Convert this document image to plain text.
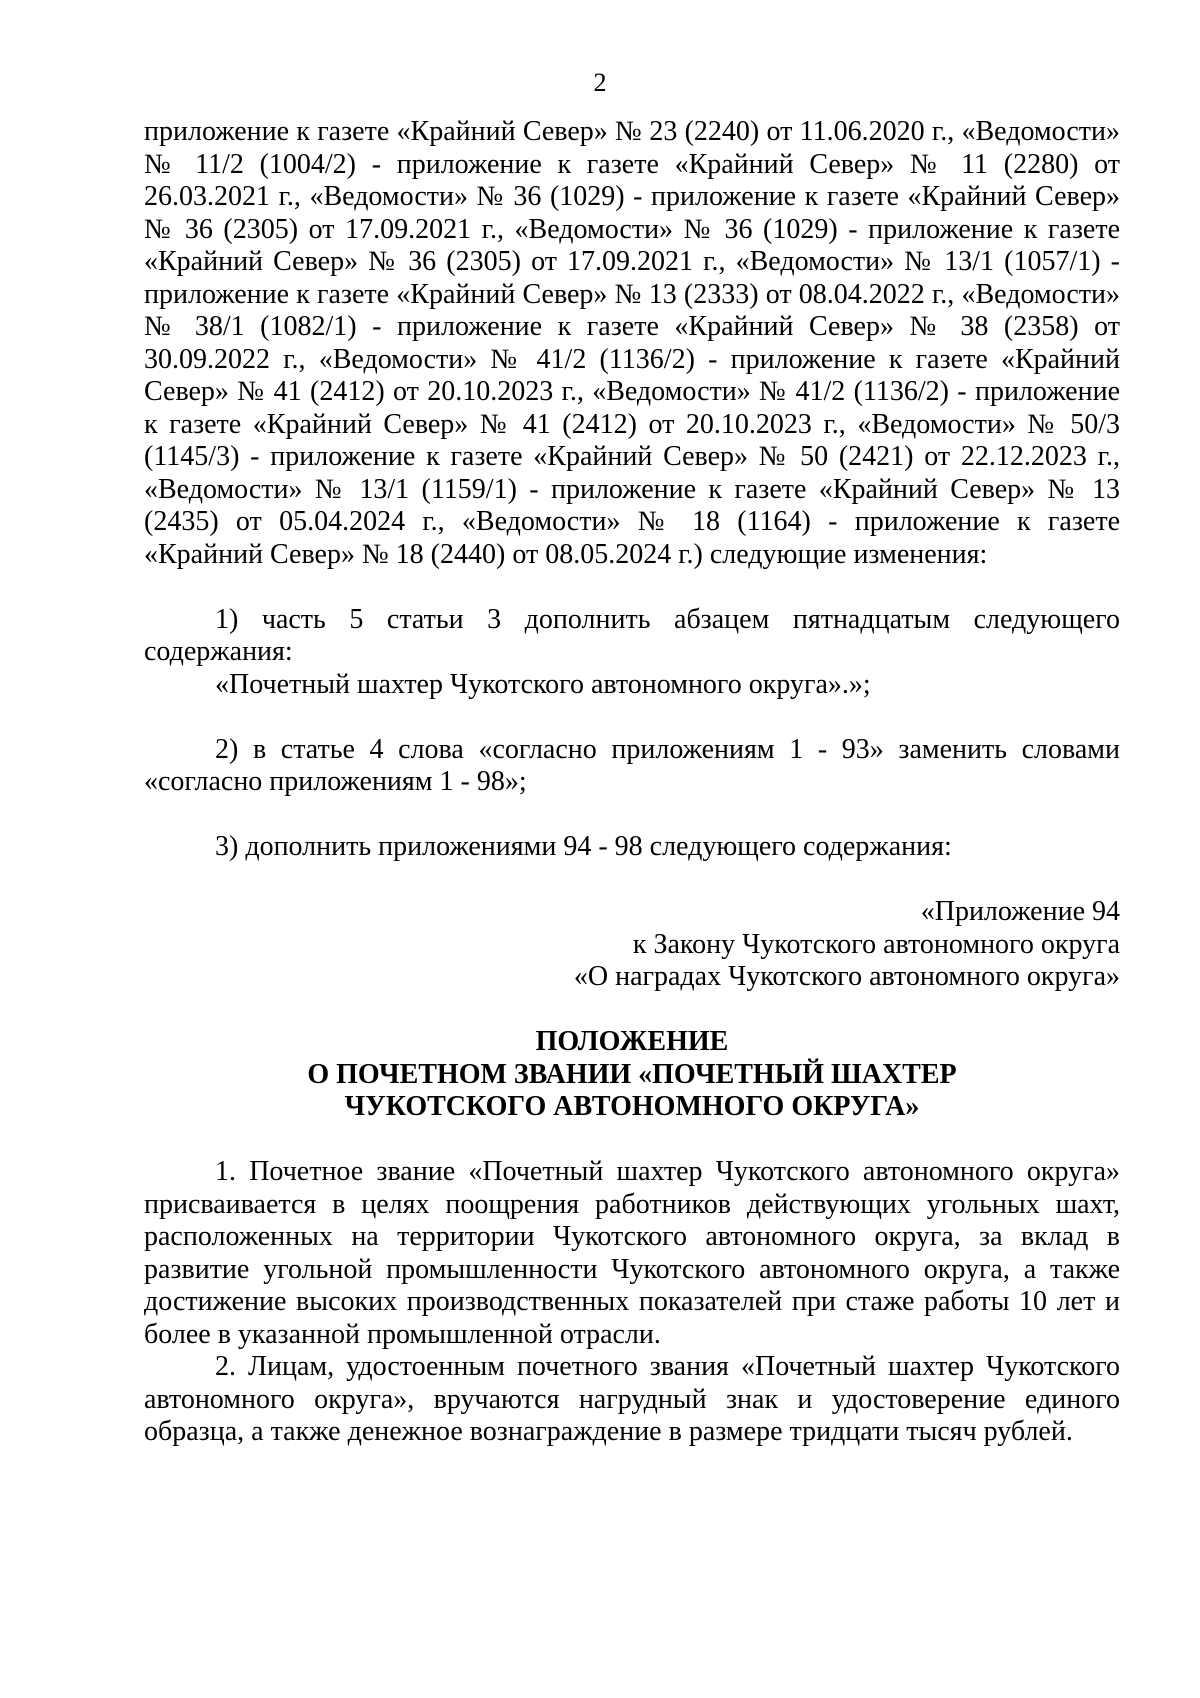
2

приложение к газете «Крайний Север» № 23 (2240) от 11.06.2020 г., «Ведомости» № 11/2 (1004/2) - приложение к газете «Крайний Север» № 11 (2280) от 26.03.2021 г., «Ведомости» № 36 (1029) - приложение к газете «Крайний Север» № 36 (2305) от 17.09.2021 г., «Ведомости» № 36 (1029) - приложение к газете «Крайний Север» № 36 (2305) от 17.09.2021 г., «Ведомости» № 13/1 (1057/1) - приложение к газете «Крайний Север» № 13 (2333) от 08.04.2022 г., «Ведомости» № 38/1 (1082/1) - приложение к газете «Крайний Север» № 38 (2358) от 30.09.2022 г., «Ведомости» № 41/2 (1136/2) - приложение к газете «Крайний Север» № 41 (2412) от 20.10.2023 г., «Ведомости» № 41/2 (1136/2) - приложение к газете «Крайний Север» № 41 (2412) от 20.10.2023 г., «Ведомости» № 50/3 (1145/3) - приложение к газете «Крайний Север» № 50 (2421) от 22.12.2023 г., «Ведомости» № 13/1 (1159/1) - приложение к газете «Крайний Север» № 13 (2435) от 05.04.2024 г., «Ведомости» № 18 (1164) - приложение к газете «Крайний Север» № 18 (2440) от 08.05.2024 г.) следующие изменения:

1) часть 5 статьи 3 дополнить абзацем пятнадцатым следующего содержания:

«Почетный шахтер Чукотского автономного округа».»;

2) в статье 4 слова «согласно приложениям 1 - 93» заменить словами «согласно приложениям 1 - 98»;

3) дополнить приложениями 94 - 98 следующего содержания:

«Приложение 94

к Закону Чукотского автономного округа

«О наградах Чукотского автономного округа»

ПОЛОЖЕНИЕ

О ПОЧЕТНОМ ЗВАНИИ «ПОЧЕТНЫЙ ШАХТЕР

ЧУКОТСКОГО АВТОНОМНОГО ОКРУГА»

1. Почетное звание «Почетный шахтер Чукотского автономного округа» присваивается в целях поощрения работников действующих угольных шахт, расположенных на территории Чукотского автономного округа, за вклад в развитие угольной промышленности Чукотского автономного округа, а также достижение высоких производственных показателей при стаже работы 10 лет и более в указанной промышленной отрасли.

2. Лицам, удостоенным почетного звания «Почетный шахтер Чукотского автономного округа», вручаются нагрудный знак и удостоверение единого образца, а также денежное вознаграждение в размере тридцати тысяч рублей.
